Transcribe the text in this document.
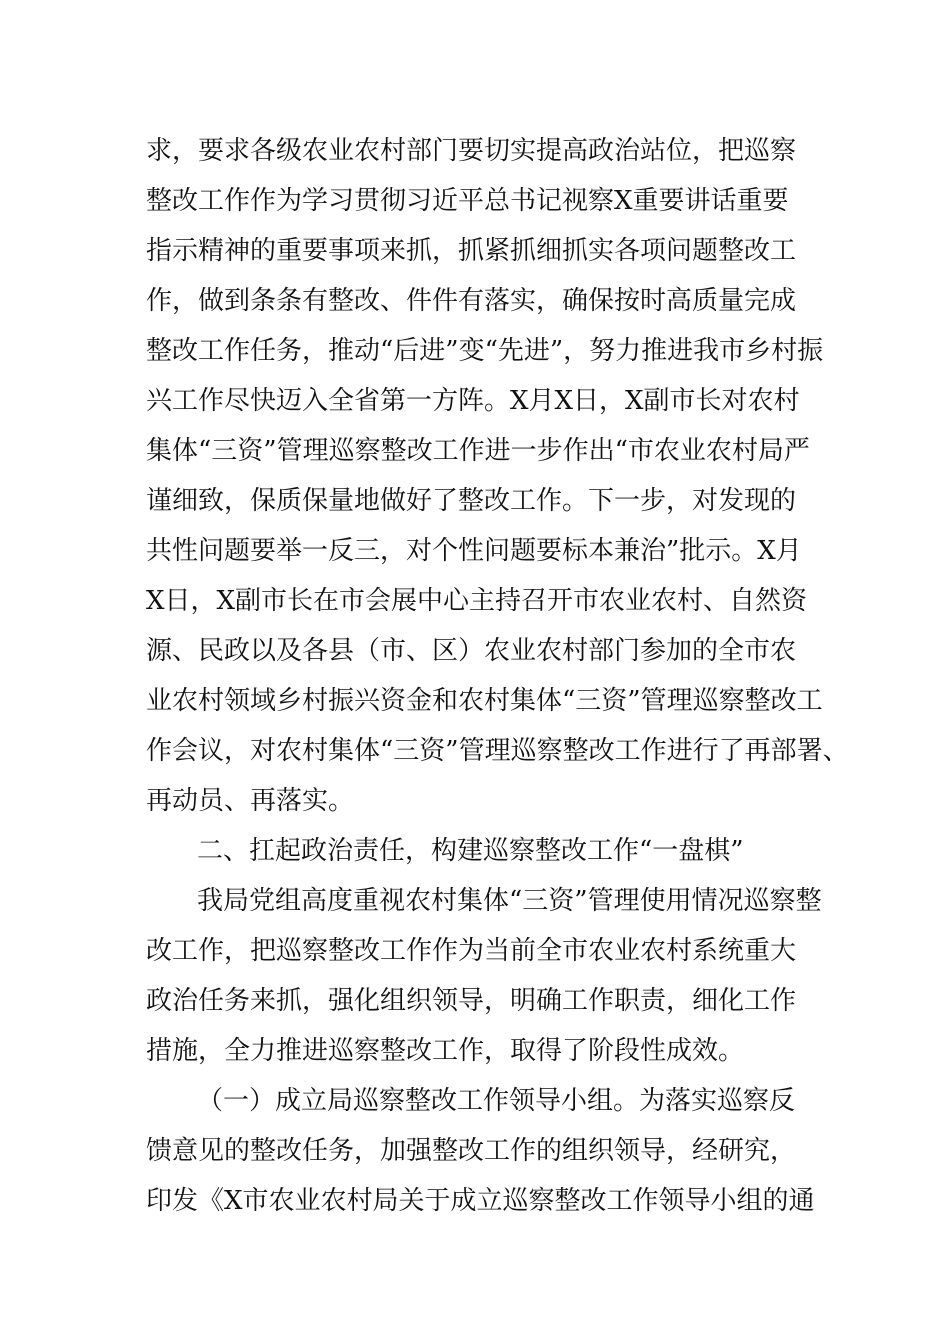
求，要求各级农业农村部门要切实提高政治站位，把巡察
整改工作作为学习贯彻习近平总书记视察X重要讲话重要
指示精神的重要事项来抓，抓紧抓细抓实各项问题整改工
作，做到条条有整改、件件有落实，确保按时高质量完成
整改工作任务，推动“后进”变“先进”，努力推进我市乡村振
兴工作尽快迈入全省第一方阵。X月X日，X副市长对农村
集体“三资”管理巡察整改工作进一步作出“市农业农村局严
谨细致，保质保量地做好了整改工作。下一步，对发现的
共性问题要举一反三，对个性问题要标本兼治”批示。X月
X日，X副市长在市会展中心主持召开市农业农村、自然资
源、民政以及各县（市、区）农业农村部门参加的全市农
业农村领域乡村振兴资金和农村集体“三资”管理巡察整改工
作会议，对农村集体“三资”管理巡察整改工作进行了再部署、
再动员、再落实。
二、扛起政治责任，构建巡察整改工作“一盘棋”
我局党组高度重视农村集体“三资”管理使用情况巡察整
改工作，把巡察整改工作作为当前全市农业农村系统重大
政治任务来抓，强化组织领导，明确工作职责，细化工作
措施，全力推进巡察整改工作，取得了阶段性成效。
（一）成立局巡察整改工作领导小组。为落实巡察反
馈意见的整改任务，加强整改工作的组织领导，经研究，
印发《X市农业农村局关于成立巡察整改工作领导小组的通
